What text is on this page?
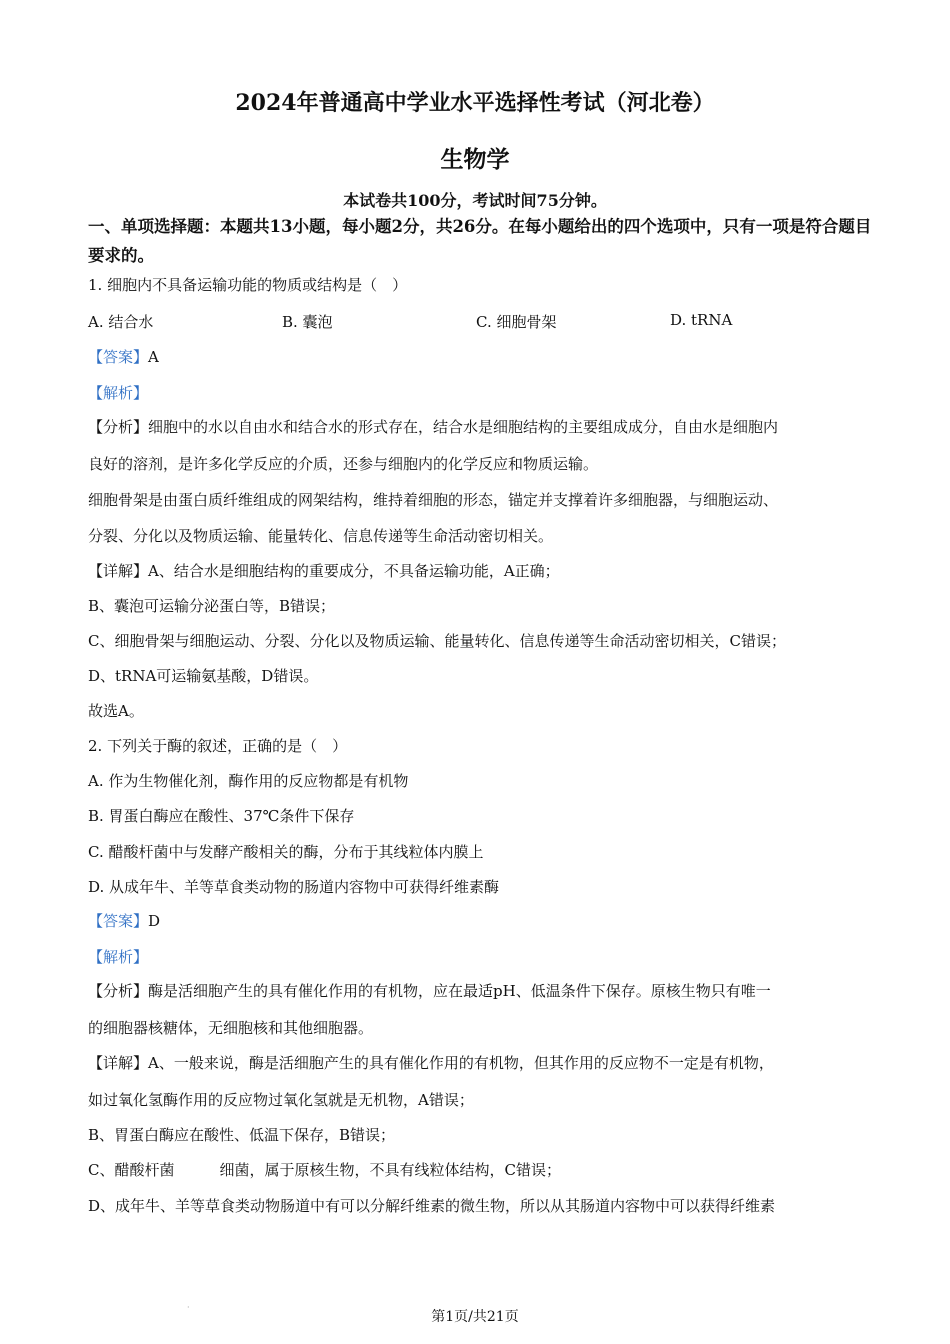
2024年普通高中学业水平选择性考试（河北卷）
生物学
本试卷共100分，考试时间75分钟。
一、单项选择题：本题共13小题，每小题2分，共26分。在每小题给出的四个选项中，只有一项是符合题目要求的。
1. 细胞内不具备运输功能的物质或结构是（　）
A. 结合水	B. 囊泡	C. 细胞骨架	D. tRNA
【答案】A
【解析】
【分析】细胞中的水以自由水和结合水的形式存在，结合水是细胞结构的主要组成成分，自由水是细胞内
良好的溶剂，是许多化学反应的介质，还参与细胞内的化学反应和物质运输。
细胞骨架是由蛋白质纤维组成的网架结构，维持着细胞的形态，锚定并支撑着许多细胞器，与细胞运动、
分裂、分化以及物质运输、能量转化、信息传递等生命活动密切相关。
【详解】A、结合水是细胞结构的重要成分，不具备运输功能，A正确；
B、囊泡可运输分泌蛋白等，B错误；
C、细胞骨架与细胞运动、分裂、分化以及物质运输、能量转化、信息传递等生命活动密切相关，C错误；
D、tRNA可运输氨基酸，D错误。
故选A。
2. 下列关于酶的叙述，正确的是（　）
A. 作为生物催化剂，酶作用的反应物都是有机物
B. 胃蛋白酶应在酸性、37℃条件下保存
C. 醋酸杆菌中与发酵产酸相关的酶，分布于其线粒体内膜上
D. 从成年牛、羊等草食类动物的肠道内容物中可获得纤维素酶
【答案】D
【解析】
【分析】酶是活细胞产生的具有催化作用的有机物，应在最适pH、低温条件下保存。原核生物只有唯一
的细胞器核糖体，无细胞核和其他细胞器。
【详解】A、一般来说，酶是活细胞产生的具有催化作用的有机物，但其作用的反应物不一定是有机物，
如过氧化氢酶作用的反应物过氧化氢就是无机物，A错误；
B、胃蛋白酶应在酸性、低温下保存，B错误；
C、醋酸杆菌　　　细菌，属于原核生物，不具有线粒体结构，C错误；
D、成年牛、羊等草食类动物肠道中有可以分解纤维素的微生物，所以从其肠道内容物中可以获得纤维素
·
第1页/共21页
